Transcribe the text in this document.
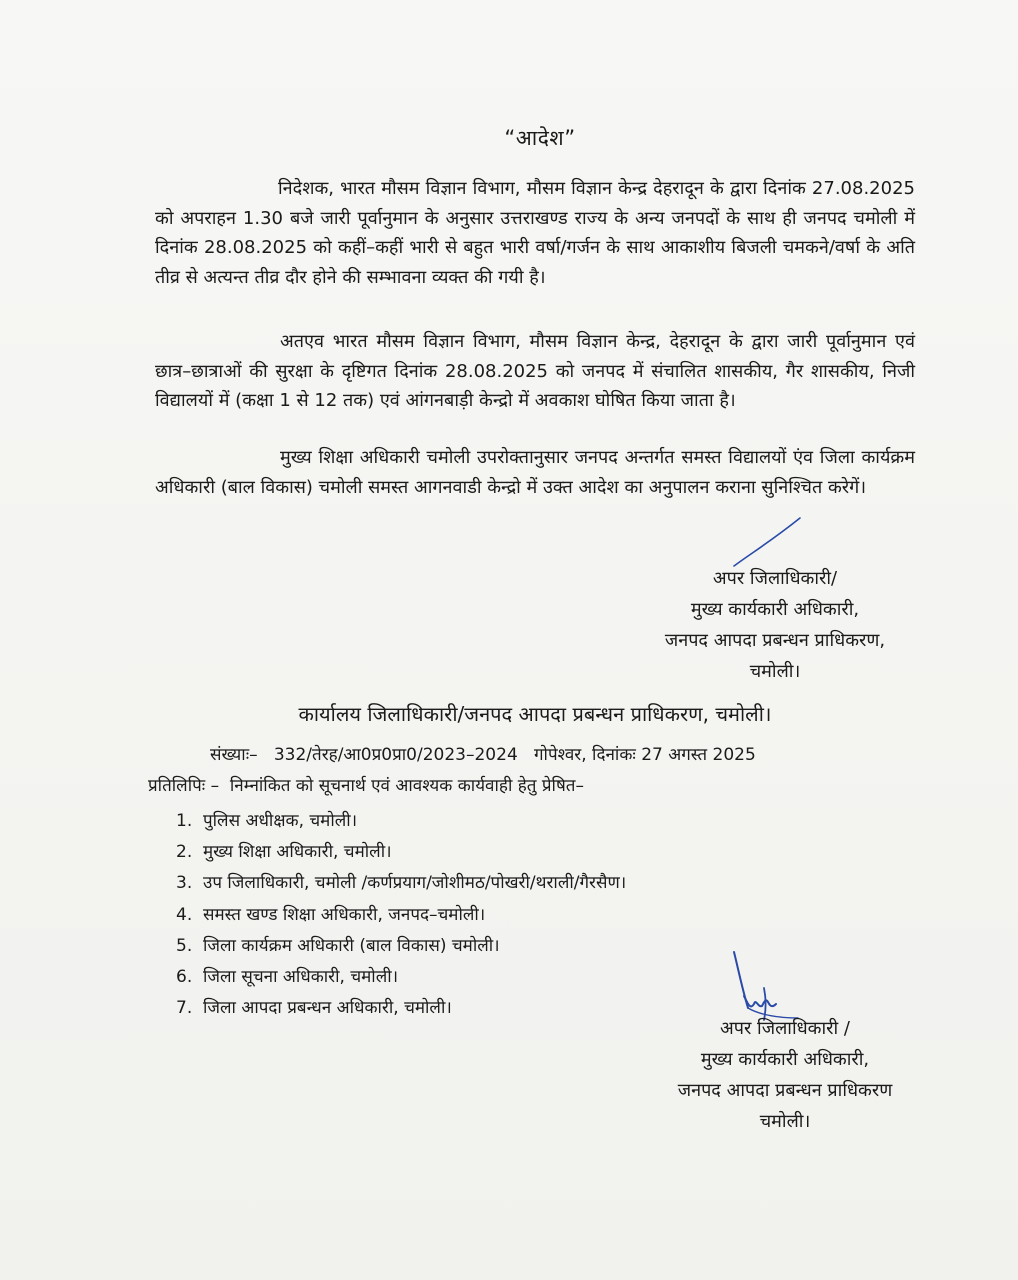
“आदेश”

निदेशक, भारत मौसम विज्ञान विभाग, मौसम विज्ञान केन्द्र देहरादून के द्वारा दिनांक 27.08.2025 को अपराहन 1.30 बजे जारी पूर्वानुमान के अनुसार उत्तराखण्ड राज्य के अन्य जनपदों के साथ ही जनपद चमोली में दिनांक 28.08.2025 को कहीं–कहीं भारी से बहुत भारी वर्षा/गर्जन के साथ आकाशीय बिजली चमकने/वर्षा के अति तीव्र से अत्यन्त तीव्र दौर होने की सम्भावना व्यक्त की गयी है।

अतएव भारत मौसम विज्ञान विभाग, मौसम विज्ञान केन्द्र, देहरादून के द्वारा जारी पूर्वानुमान एवं छात्र–छात्राओं की सुरक्षा के दृष्टिगत दिनांक 28.08.2025 को जनपद में संचालित शासकीय, गैर शासकीय, निजी विद्यालयों में (कक्षा 1 से 12 तक) एवं आंगनबाड़ी केन्द्रो में अवकाश घोषित किया जाता है।

मुख्य शिक्षा अधिकारी चमोली उपरोक्तानुसार जनपद अन्तर्गत समस्त विद्यालयों एंव जिला कार्यक्रम अधिकारी (बाल विकास) चमोली समस्त आगनवाडी केन्द्रो में उक्त आदेश का अनुपालन कराना सुनिश्चित करेगें।

अपर जिलाधिकारी/
मुख्य कार्यकारी अधिकारी,
जनपद आपदा प्रबन्धन प्राधिकरण,
चमोली।
कार्यालय जिलाधिकारी/जनपद आपदा प्रबन्धन प्राधिकरण, चमोली।
संख्याः– 332/तेरह/आ0प्र0प्रा0/2023–2024 गोपेश्वर, दिनांकः 27 अगस्त 2025
प्रतिलिपिः –  निम्नांकित को सूचनार्थ एवं आवश्यक कार्यवाही हेतु प्रेषित–
1. पुलिस अधीक्षक, चमोली।
2. मुख्य शिक्षा अधिकारी, चमोली।
3. उप जिलाधिकारी, चमोली /कर्णप्रयाग/जोशीमठ/पोखरी/थराली/गैरसैण।
4. समस्त खण्ड शिक्षा अधिकारी, जनपद–चमोली।
5. जिला कार्यक्रम अधिकारी (बाल विकास) चमोली।
6. जिला सूचना अधिकारी, चमोली।
7. जिला आपदा प्रबन्धन अधिकारी, चमोली।
अपर जिलाधिकारी /
मुख्य कार्यकारी अधिकारी,
जनपद आपदा प्रबन्धन प्राधिकरण
चमोली।
